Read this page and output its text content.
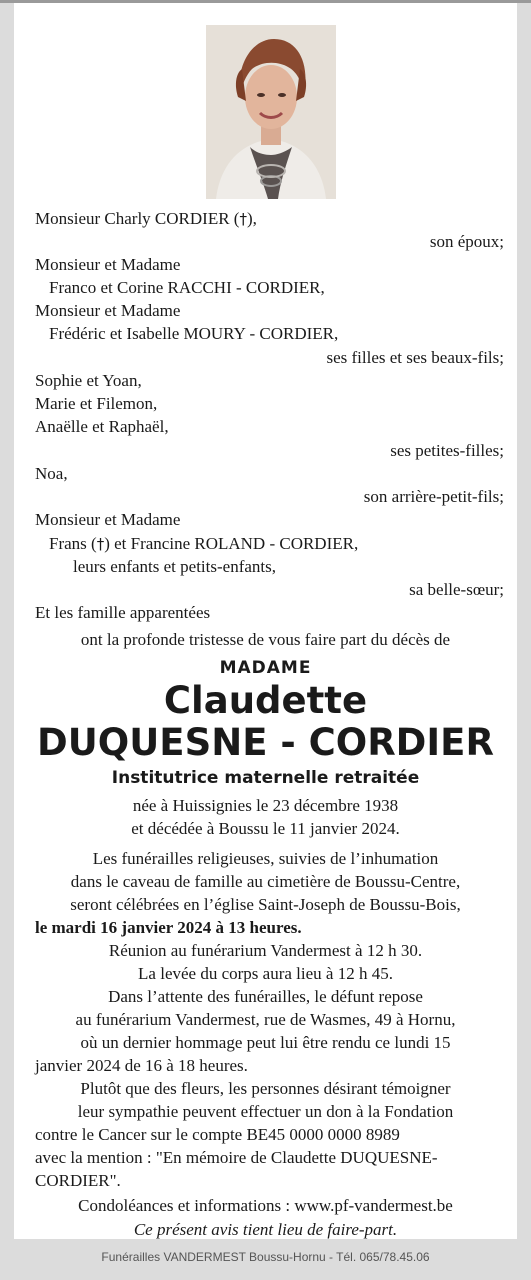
Monsieur Charly CORDIER (†),
son époux;
Monsieur et Madame
Franco et Corine RACCHI - CORDIER,
Monsieur et Madame
Frédéric et Isabelle MOURY - CORDIER,
ses filles et ses beaux-fils;
Sophie et Yoan,
Marie et Filemon,
Anaëlle et Raphaël,
ses petites-filles;
Noa,
son arrière-petit-fils;
Monsieur et Madame
Frans (†) et Francine ROLAND - CORDIER,
leurs enfants et petits-enfants,
sa belle-sœur;
Et les famille apparentées
ont la profonde tristesse de vous faire part du décès de
MADAME
Claudette
DUQUESNE - CORDIER
Institutrice maternelle retraitée
née à Huissignies le 23 décembre 1938
et décédée à Boussu le 11 janvier 2024.
Les funérailles religieuses, suivies de l’inhumation
dans le caveau de famille au cimetière de Boussu-Centre,
seront célébrées en l’église Saint-Joseph de Boussu-Bois,
le mardi 16 janvier 2024 à 13 heures.
Réunion au funérarium Vandermest à 12 h 30.
La levée du corps aura lieu à 12 h 45.
Dans l’attente des funérailles, le défunt repose
au funérarium Vandermest, rue de Wasmes, 49 à Hornu,
où un dernier hommage peut lui être rendu ce lundi 15
janvier 2024 de 16 à 18 heures.
Plutôt que des fleurs, les personnes désirant témoigner
leur sympathie peuvent effectuer un don à la Fondation
contre le Cancer sur le compte BE45 0000 0000 8989
avec la mention : "En mémoire de Claudette DUQUESNE-
CORDIER".
Condoléances et informations : www.pf-vandermest.be
Ce présent avis tient lieu de faire-part.
Funérailles VANDERMEST Boussu-Hornu - Tél. 065/78.45.06
